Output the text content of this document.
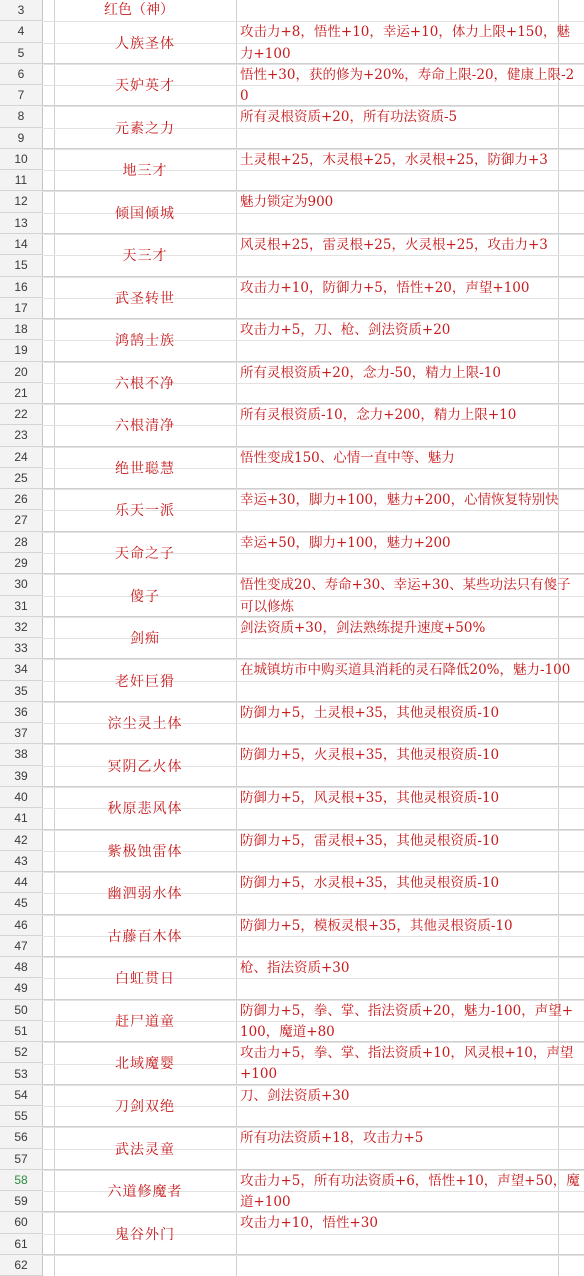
3
4
5
6
7
8
9
10
11
12
13
14
15
16
17
18
19
20
21
22
23
24
25
26
27
28
29
30
31
32
33
34
35
36
37
38
39
40
41
42
43
44
45
46
47
48
49
50
51
52
53
54
55
56
57
58
59
60
61
62
人族圣体
攻击力+8，悟性+10，幸运+10，体力上限+150，魅力+100
天妒英才
悟性+30，获的修为+20%，寿命上限-20，健康上限-20
元素之力
所有灵根资质+20，所有功法资质-5
地三才
土灵根+25，木灵根+25，水灵根+25，防御力+3
倾国倾城
魅力锁定为900
天三才
风灵根+25，雷灵根+25，火灵根+25，攻击力+3
武圣转世
攻击力+10，防御力+5，悟性+20，声望+100
鸿鹄士族
攻击力+5，刀、枪、剑法资质+20
六根不净
所有灵根资质+20，念力-50，精力上限-10
六根清净
所有灵根资质-10，念力+200，精力上限+10
绝世聪慧
悟性变成150、心情一直中等、魅力
乐天一派
幸运+30，脚力+100，魅力+200，心情恢复特别快
天命之子
幸运+50，脚力+100，魅力+200
傻子
悟性变成20、寿命+30、幸运+30、某些功法只有傻子可以修炼
剑痴
剑法资质+30，剑法熟练提升速度+50%
老奸巨猾
在城镇坊市中购买道具消耗的灵石降低20%，魅力-100
淙尘灵土体
防御力+5，土灵根+35，其他灵根资质-10
冥阴乙火体
防御力+5，火灵根+35，其他灵根资质-10
秋原悲风体
防御力+5，风灵根+35，其他灵根资质-10
紫极蚀雷体
防御力+5，雷灵根+35，其他灵根资质-10
幽泗弱水体
防御力+5，水灵根+35，其他灵根资质-10
古藤百木体
防御力+5，模板灵根+35，其他灵根资质-10
白虹贯日
枪、指法资质+30
赶尸道童
防御力+5，拳、掌、指法资质+20，魅力-100，声望+100，魔道+80
北域魔婴
攻击力+5，拳、掌、指法资质+10，风灵根+10，声望+100
刀剑双绝
刀、剑法资质+30
武法灵童
所有功法资质+18，攻击力+5
六道修魔者
攻击力+5，所有功法资质+6，悟性+10，声望+50，魔道+100
鬼谷外门
攻击力+10，悟性+30
红色（神）
